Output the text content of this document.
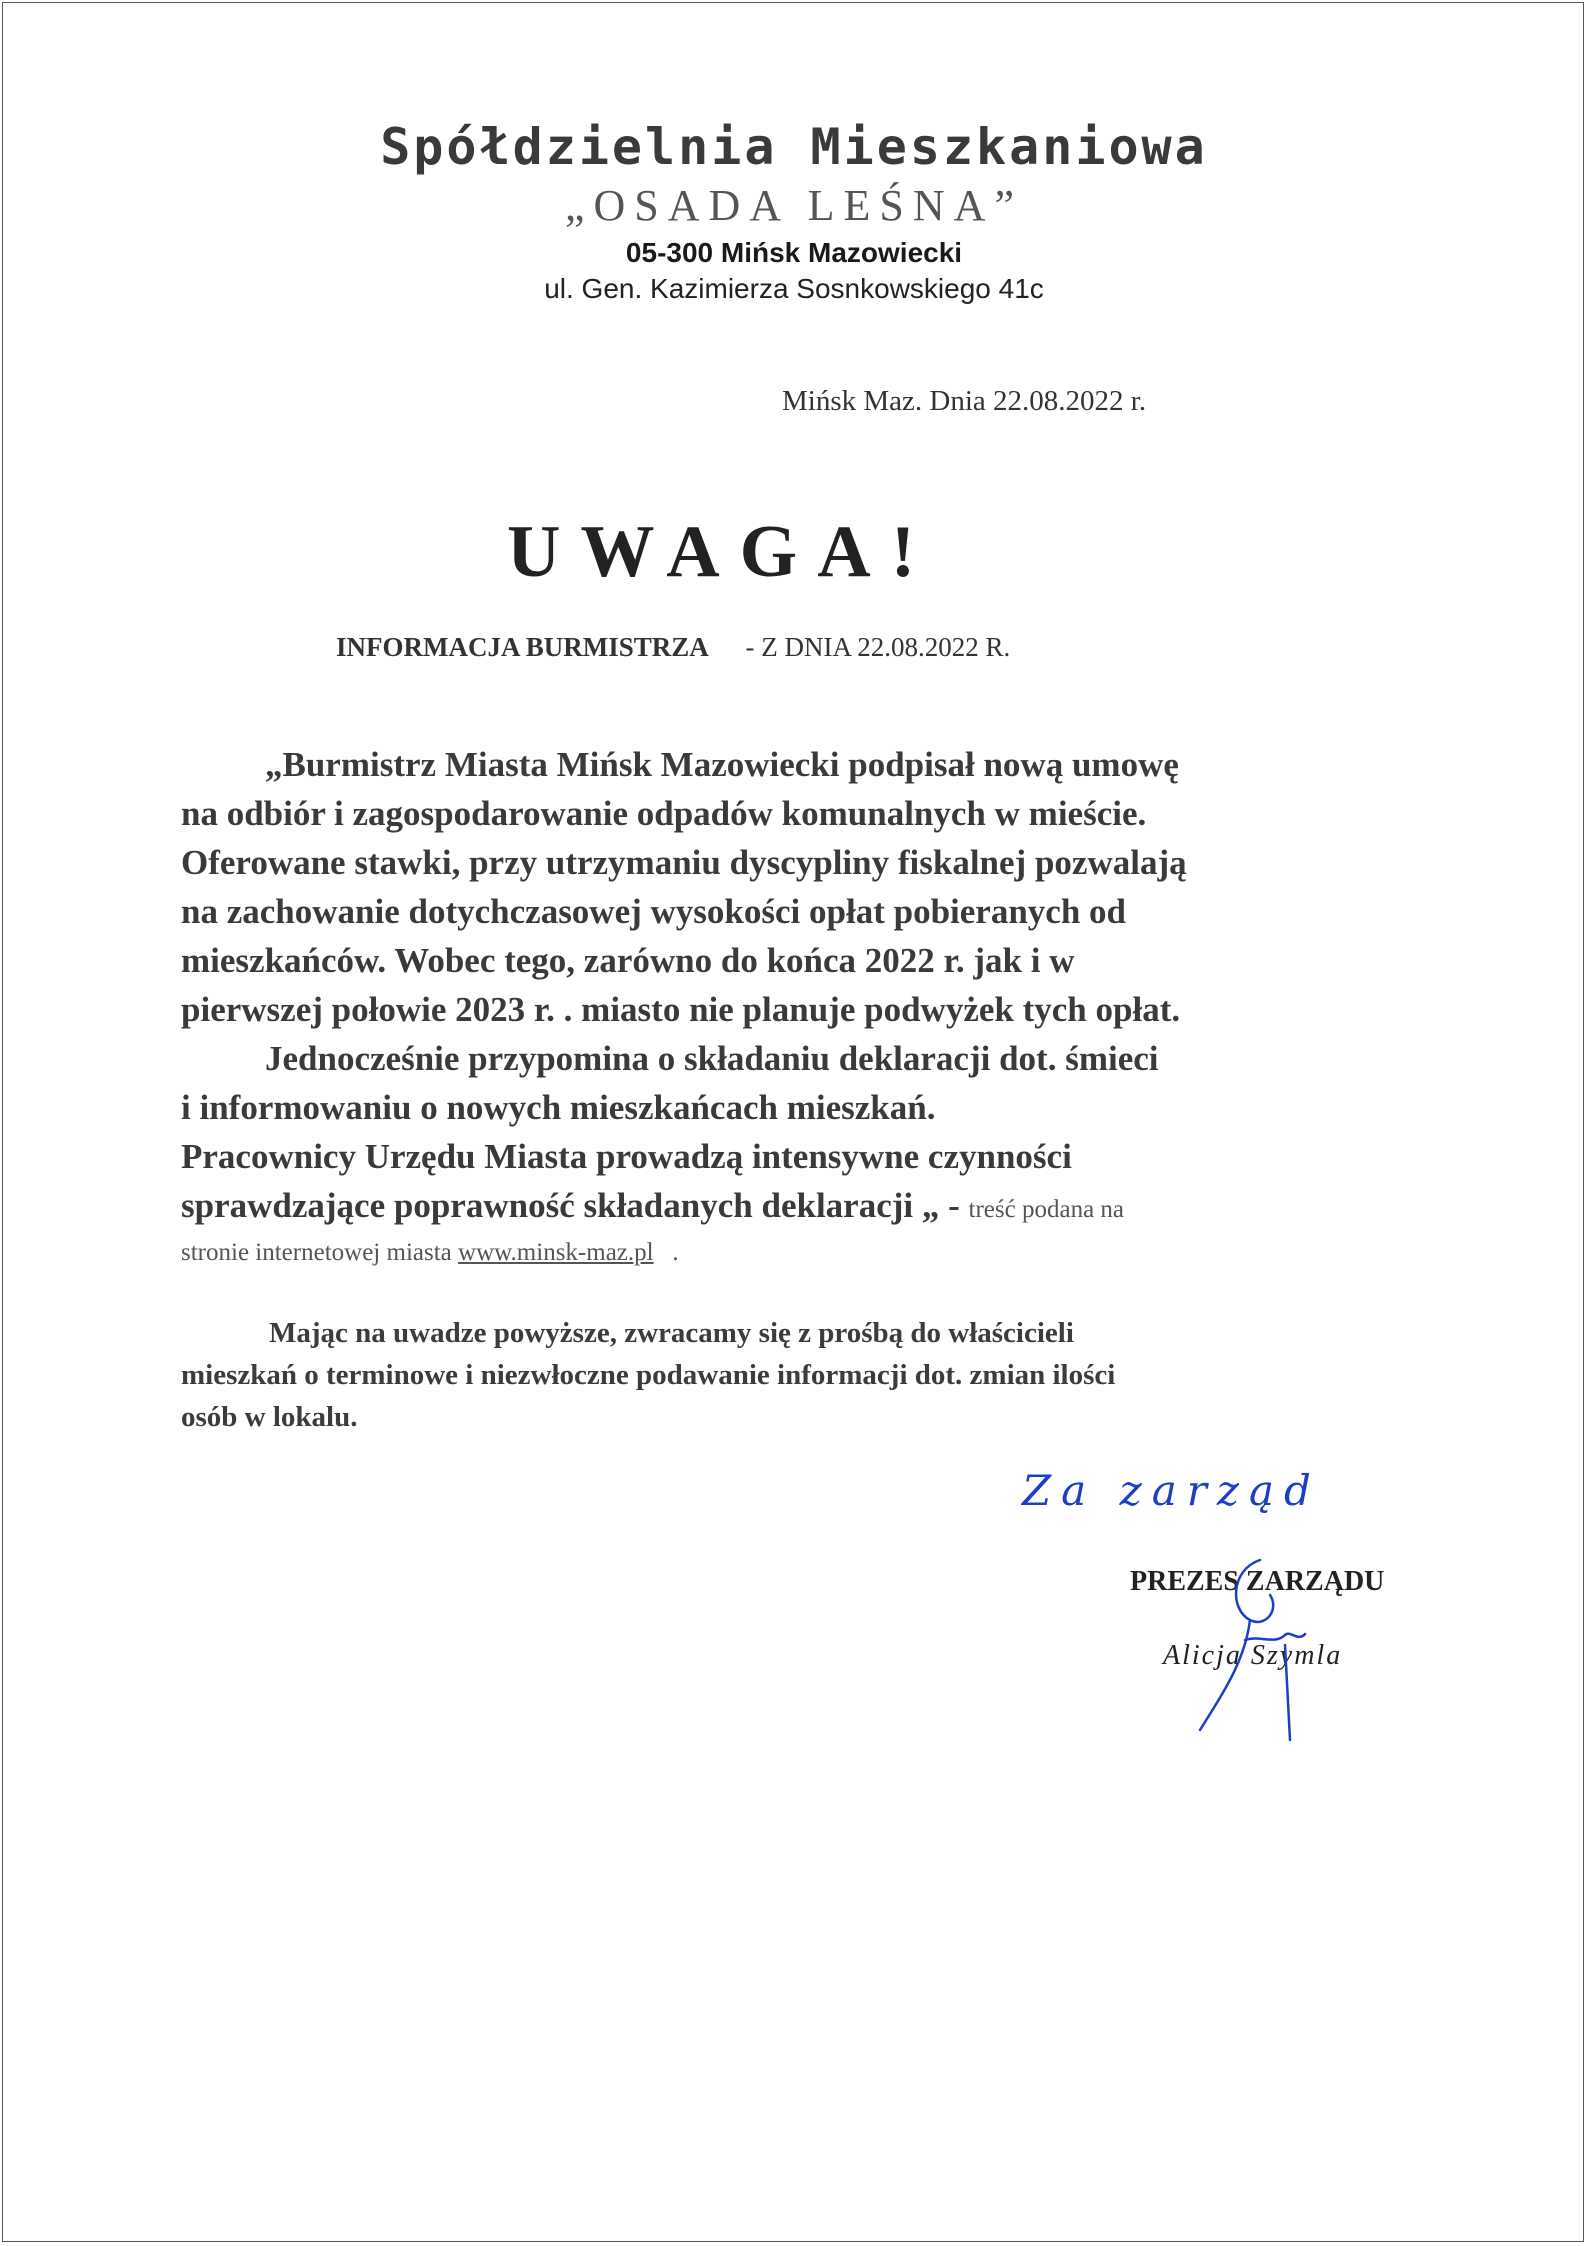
Spółdzielnia Mieszkaniowa
„OSADA LEŚNA”
05-300 Mińsk Mazowiecki
ul. Gen. Kazimierza Sosnkowskiego 41c
Mińsk Maz. Dnia 22.08.2022 r.
UWAGA!
INFORMACJA BURMISTRZA - Z DNIA 22.08.2022 R.
„Burmistrz Miasta Mińsk Mazowiecki podpisał nową umowę
na odbiór i zagospodarowanie odpadów komunalnych w mieście.
Oferowane stawki, przy utrzymaniu dyscypliny fiskalnej pozwalają
na zachowanie dotychczasowej wysokości opłat pobieranych od
mieszkańców. Wobec tego, zarówno do końca 2022 r. jak i w
pierwszej połowie 2023 r. . miasto nie planuje podwyżek tych opłat.
Jednocześnie przypomina o składaniu deklaracji dot. śmieci
i informowaniu o nowych mieszkańcach mieszkań.
Pracownicy Urzędu Miasta prowadzą intensywne czynności
sprawdzające poprawność składanych deklaracji „ - treść podana na
stronie internetowej miasta www.minsk-maz.pl .
Mając na uwadze powyższe, zwracamy się z prośbą do właścicieli
mieszkań o terminowe i niezwłoczne podawanie informacji dot. zmian ilości
osób w lokalu.
Za zarząd
PREZES ZARZĄDU
Alicja Szymla
